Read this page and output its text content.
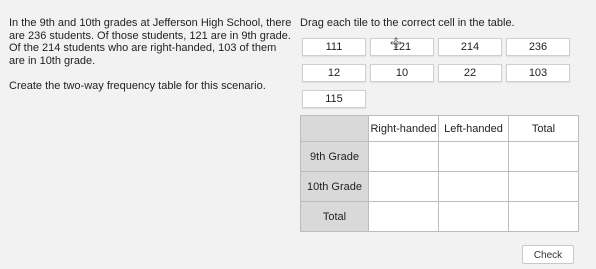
In the 9th and 10th grades at Jefferson High School, there are 236 students. Of those students, 121 are in 9th grade. Of the 214 students who are right-handed, 103 of them are in 10th grade.
Create the two-way frequency table for this scenario.
Drag each tile to the correct cell in the table.
111	121	214	236
12	10	22	103
115
	Right-handed	Left-handed	Total
9th Grade			
10th Grade			
Total			
Check
